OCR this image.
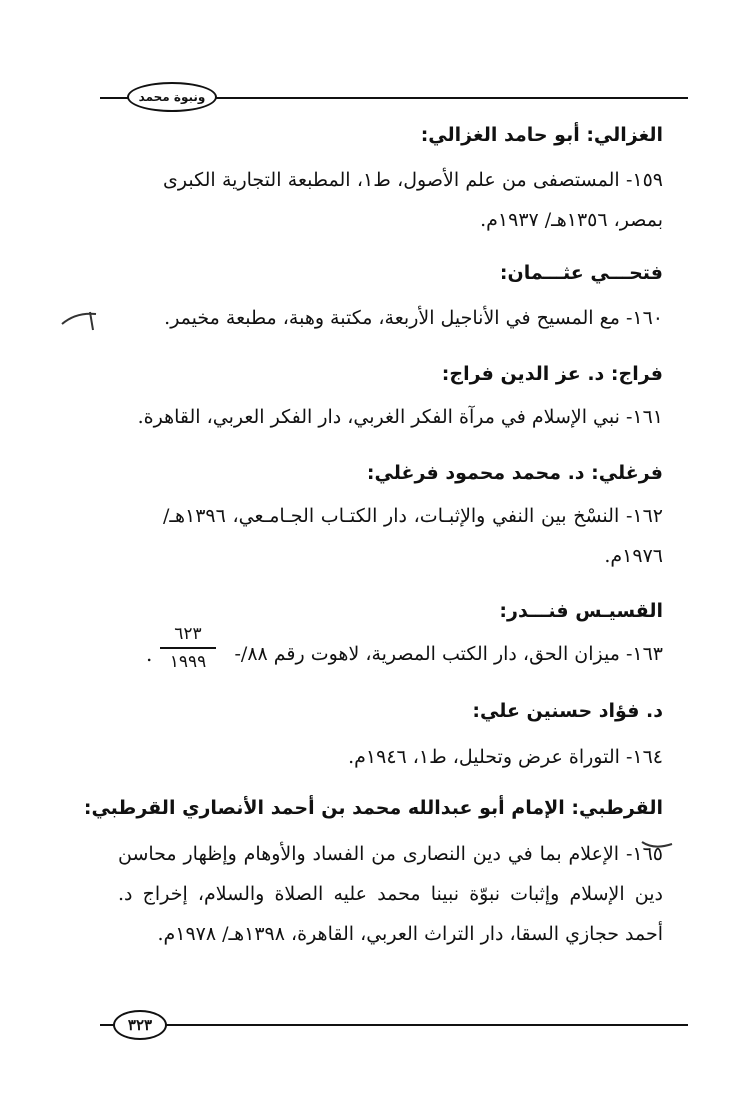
ونبوة محمد
الغزالي: أبو حامد الغزالي:
١٥٩- المستصفى من علم الأصول، ط١، المطبعة التجارية الكبرى بمصر، ١٣٥٦هـ/ ١٩٣٧م.
فتحـــي عثـــمان:
١٦٠- مع المسيح في الأناجيل الأربعة، مكتبة وهبة، مطبعة مخيمر.
فراج: د. عز الدين فراج:
١٦١- نبي الإسلام في مرآة الفكر الغربي، دار الفكر العربي، القاهرة.
فرغلي: د. محمد محمود فرغلي:
١٦٢- النسْخ بين النفي والإثبـات، دار الكتـاب الجـامـعي، ١٣٩٦هـ/ ١٩٧٦م.
القسيـس فنـــدر:
١٦٣- ميزان الحق، دار الكتب المصرية، لاهوت رقم ٨٨/-
٦٢٣
١٩٩٩
.
د. فؤاد حسنين علي:
١٦٤- التوراة عرض وتحليل، ط١، ١٩٤٦م.
القرطبي: الإمام أبو عبدالله محمد بن أحمد الأنصاري القرطبي:
١٦٥- الإعلام بما في دين النصارى من الفساد والأوهام وإظهار محاسن دين الإسلام وإثبات نبوّة نبينا محمد عليه الصلاة والسلام، إخراج د. أحمد حجازي السقا، دار التراث العربي، القاهرة، ١٣٩٨هـ/ ١٩٧٨م.
٣٢٣
